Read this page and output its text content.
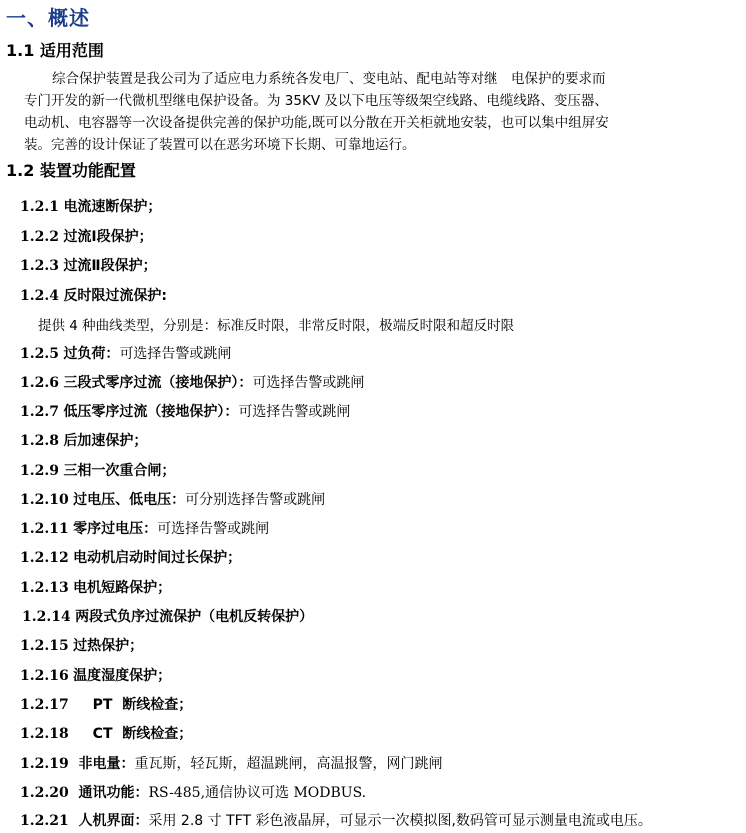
一、概述
1.1 适用范围
综合保护装置是我公司为了适应电力系统各发电厂、变电站、配电站等对继　电保护的要求而
专门开发的新一代微机型继电保护设备。为 35KV 及以下电压等级架空线路、电缆线路、变压器、
电动机、电容器等一次设备提供完善的保护功能,既可以分散在开关柜就地安装，也可以集中组屏安
装。完善的设计保证了装置可以在恶劣环境下长期、可靠地运行。
1.2 装置功能配置
1.2.1 电流速断保护；
1.2.2 过流Ⅰ段保护；
1.2.3 过流Ⅱ段保护；
1.2.4 反时限过流保护:
提供 4 种曲线类型，分别是：标准反时限，非常反时限，极端反时限和超反时限
1.2.5 过负荷：可选择告警或跳闸
1.2.6 三段式零序过流（接地保护）：可选择告警或跳闸
1.2.7 低压零序过流（接地保护）：可选择告警或跳闸
1.2.8 后加速保护；
1.2.9 三相一次重合闸；
1.2.10 过电压、低电压：可分别选择告警或跳闸
1.2.11 零序过电压：可选择告警或跳闸
1.2.12 电动机启动时间过长保护；
1.2.13 电机短路保护；
1.2.14 两段式负序过流保护（电机反转保护）
1.2.15 过热保护；
1.2.16 温度湿度保护；
1.2.17     PT  断线检查；
1.2.18     CT  断线检查；
1.2.19  非电量：重瓦斯，轻瓦斯，超温跳闸，高温报警，网门跳闸
1.2.20  通讯功能：RS-485,通信协议可选 MODBUS.
1.2.21  人机界面：采用 2.8 寸 TFT 彩色液晶屏，可显示一次模拟图,数码管可显示测量电流或电压。
